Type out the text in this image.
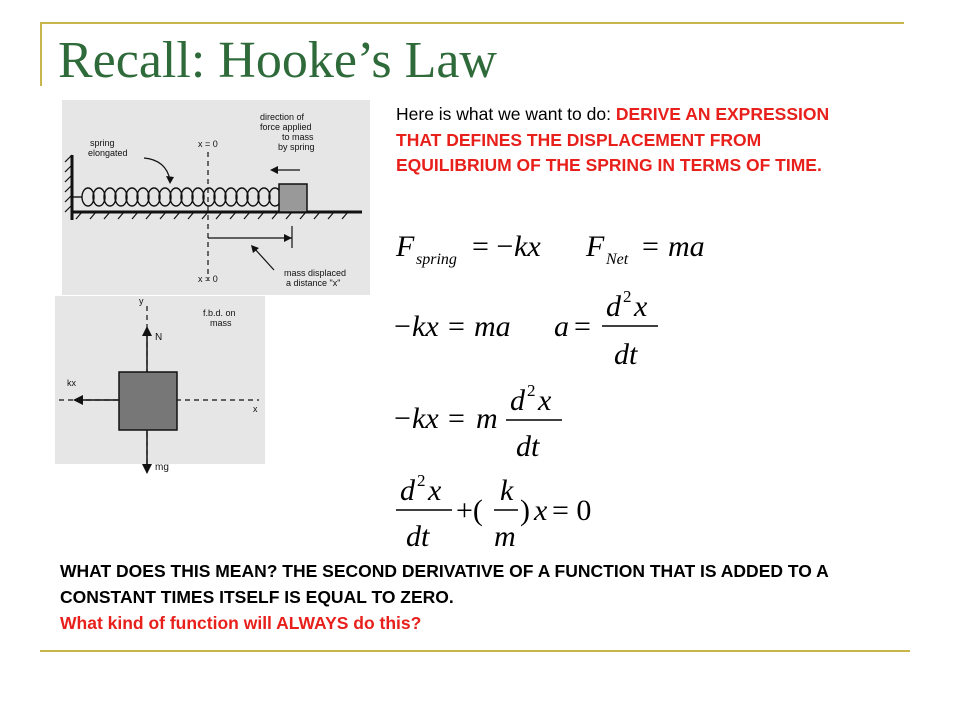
Recall: Hooke’s Law
Here is what we want to do: DERIVE AN EXPRESSION THAT DEFINES THE DISPLACEMENT FROM EQUILIBRIUM OF THE SPRING IN TERMS OF TIME.
spring
elongated
x = 0
x = 0
direction of
force applied
to mass
by spring
mass displaced
a distance "x"
y
N
f.b.d. on
mass
kx
x
mg
F spring = − kx F Net = ma
− kx = ma a =
d 2 x
dt
− kx = m
d 2 x
dt
d 2 x
dt
+(
k
m
) x = 0
WHAT DOES THIS MEAN? THE SECOND DERIVATIVE OF A FUNCTION THAT IS ADDED TO A CONSTANT TIMES ITSELF IS EQUAL TO ZERO.
What kind of function will ALWAYS do this?
